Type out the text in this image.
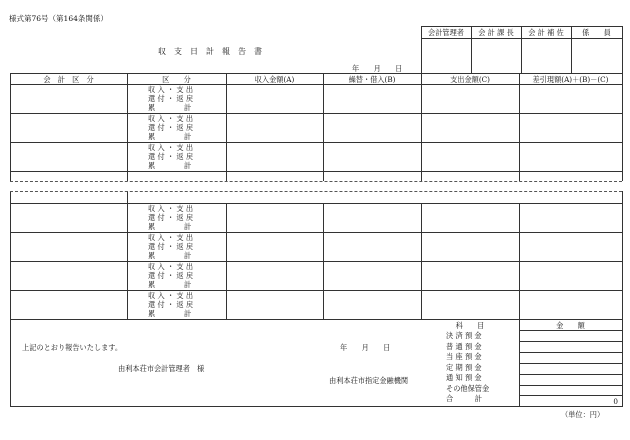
様式第76号（第164条関係）
会計管理者	会 計 課 長	会 計 補 佐	係　　員
収　支　日　計　報　告　書
年　　月　　日
会　計　区　分	区　　分	収入金額(A)	繰替・借入(B)	支出金額(C)	差引現額(A)＋(B)－(C)
収 入 ・ 支 出
還 付 ・ 返 戻
累　　　　計
収 入 ・ 支 出
還 付 ・ 返 戻
累　　　　計
収 入 ・ 支 出
還 付 ・ 返 戻
累　　　　計
収 入 ・ 支 出
還 付 ・ 返 戻
累　　　　計
収 入 ・ 支 出
還 付 ・ 返 戻
累　　　　計
収 入 ・ 支 出
還 付 ・ 返 戻
累　　　　計
収 入 ・ 支 出
還 付 ・ 返 戻
累　　　　計
上記のとおり報告いたします。	年　　月　　日
由利本荘市会計管理者　様
由利本荘市指定金融機関
科　　目	金　　額
決 済 預 金
普 通 預 金
当 座 預 金
定 期 預 金
通 知 預 金
その他保管金
合　　　計	0
（単位：円）
